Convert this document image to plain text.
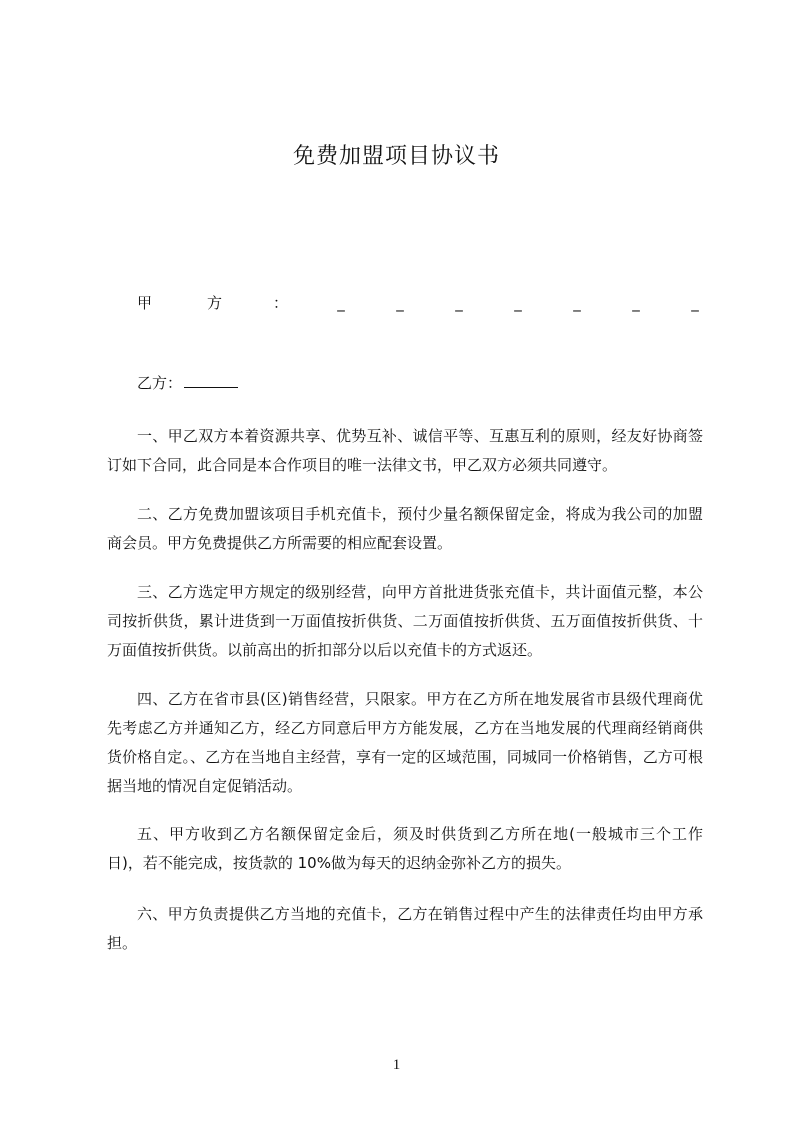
免费加盟项目协议书
甲	方	：	_	_	_	_	_	_	_
乙方：

一、甲乙双方本着资源共享、优势互补、诚信平等、互惠互利的原则，经友好协商签订如下合同，此合同是本合作项目的唯一法律文书，甲乙双方必须共同遵守。

二、乙方免费加盟该项目手机充值卡，预付少量名额保留定金，将成为我公司的加盟商会员。甲方免费提供乙方所需要的相应配套设置。

三、乙方选定甲方规定的级别经营，向甲方首批进货张充值卡，共计面值元整，本公司按折供货，累计进货到一万面值按折供货、二万面值按折供货、五万面值按折供货、十万面值按折供货。以前高出的折扣部分以后以充值卡的方式返还。

四、乙方在省市县(区)销售经营，只限家。甲方在乙方所在地发展省市县级代理商优先考虑乙方并通知乙方，经乙方同意后甲方方能发展，乙方在当地发展的代理商经销商供货价格自定。、乙方在当地自主经营，享有一定的区域范围，同城同一价格销售，乙方可根据当地的情况自定促销活动。

五、甲方收到乙方名额保留定金后，须及时供货到乙方所在地(一般城市三个工作日)，若不能完成，按货款的 10%做为每天的迟纳金弥补乙方的损失。

六、甲方负责提供乙方当地的充值卡，乙方在销售过程中产生的法律责任均由甲方承担。

1
